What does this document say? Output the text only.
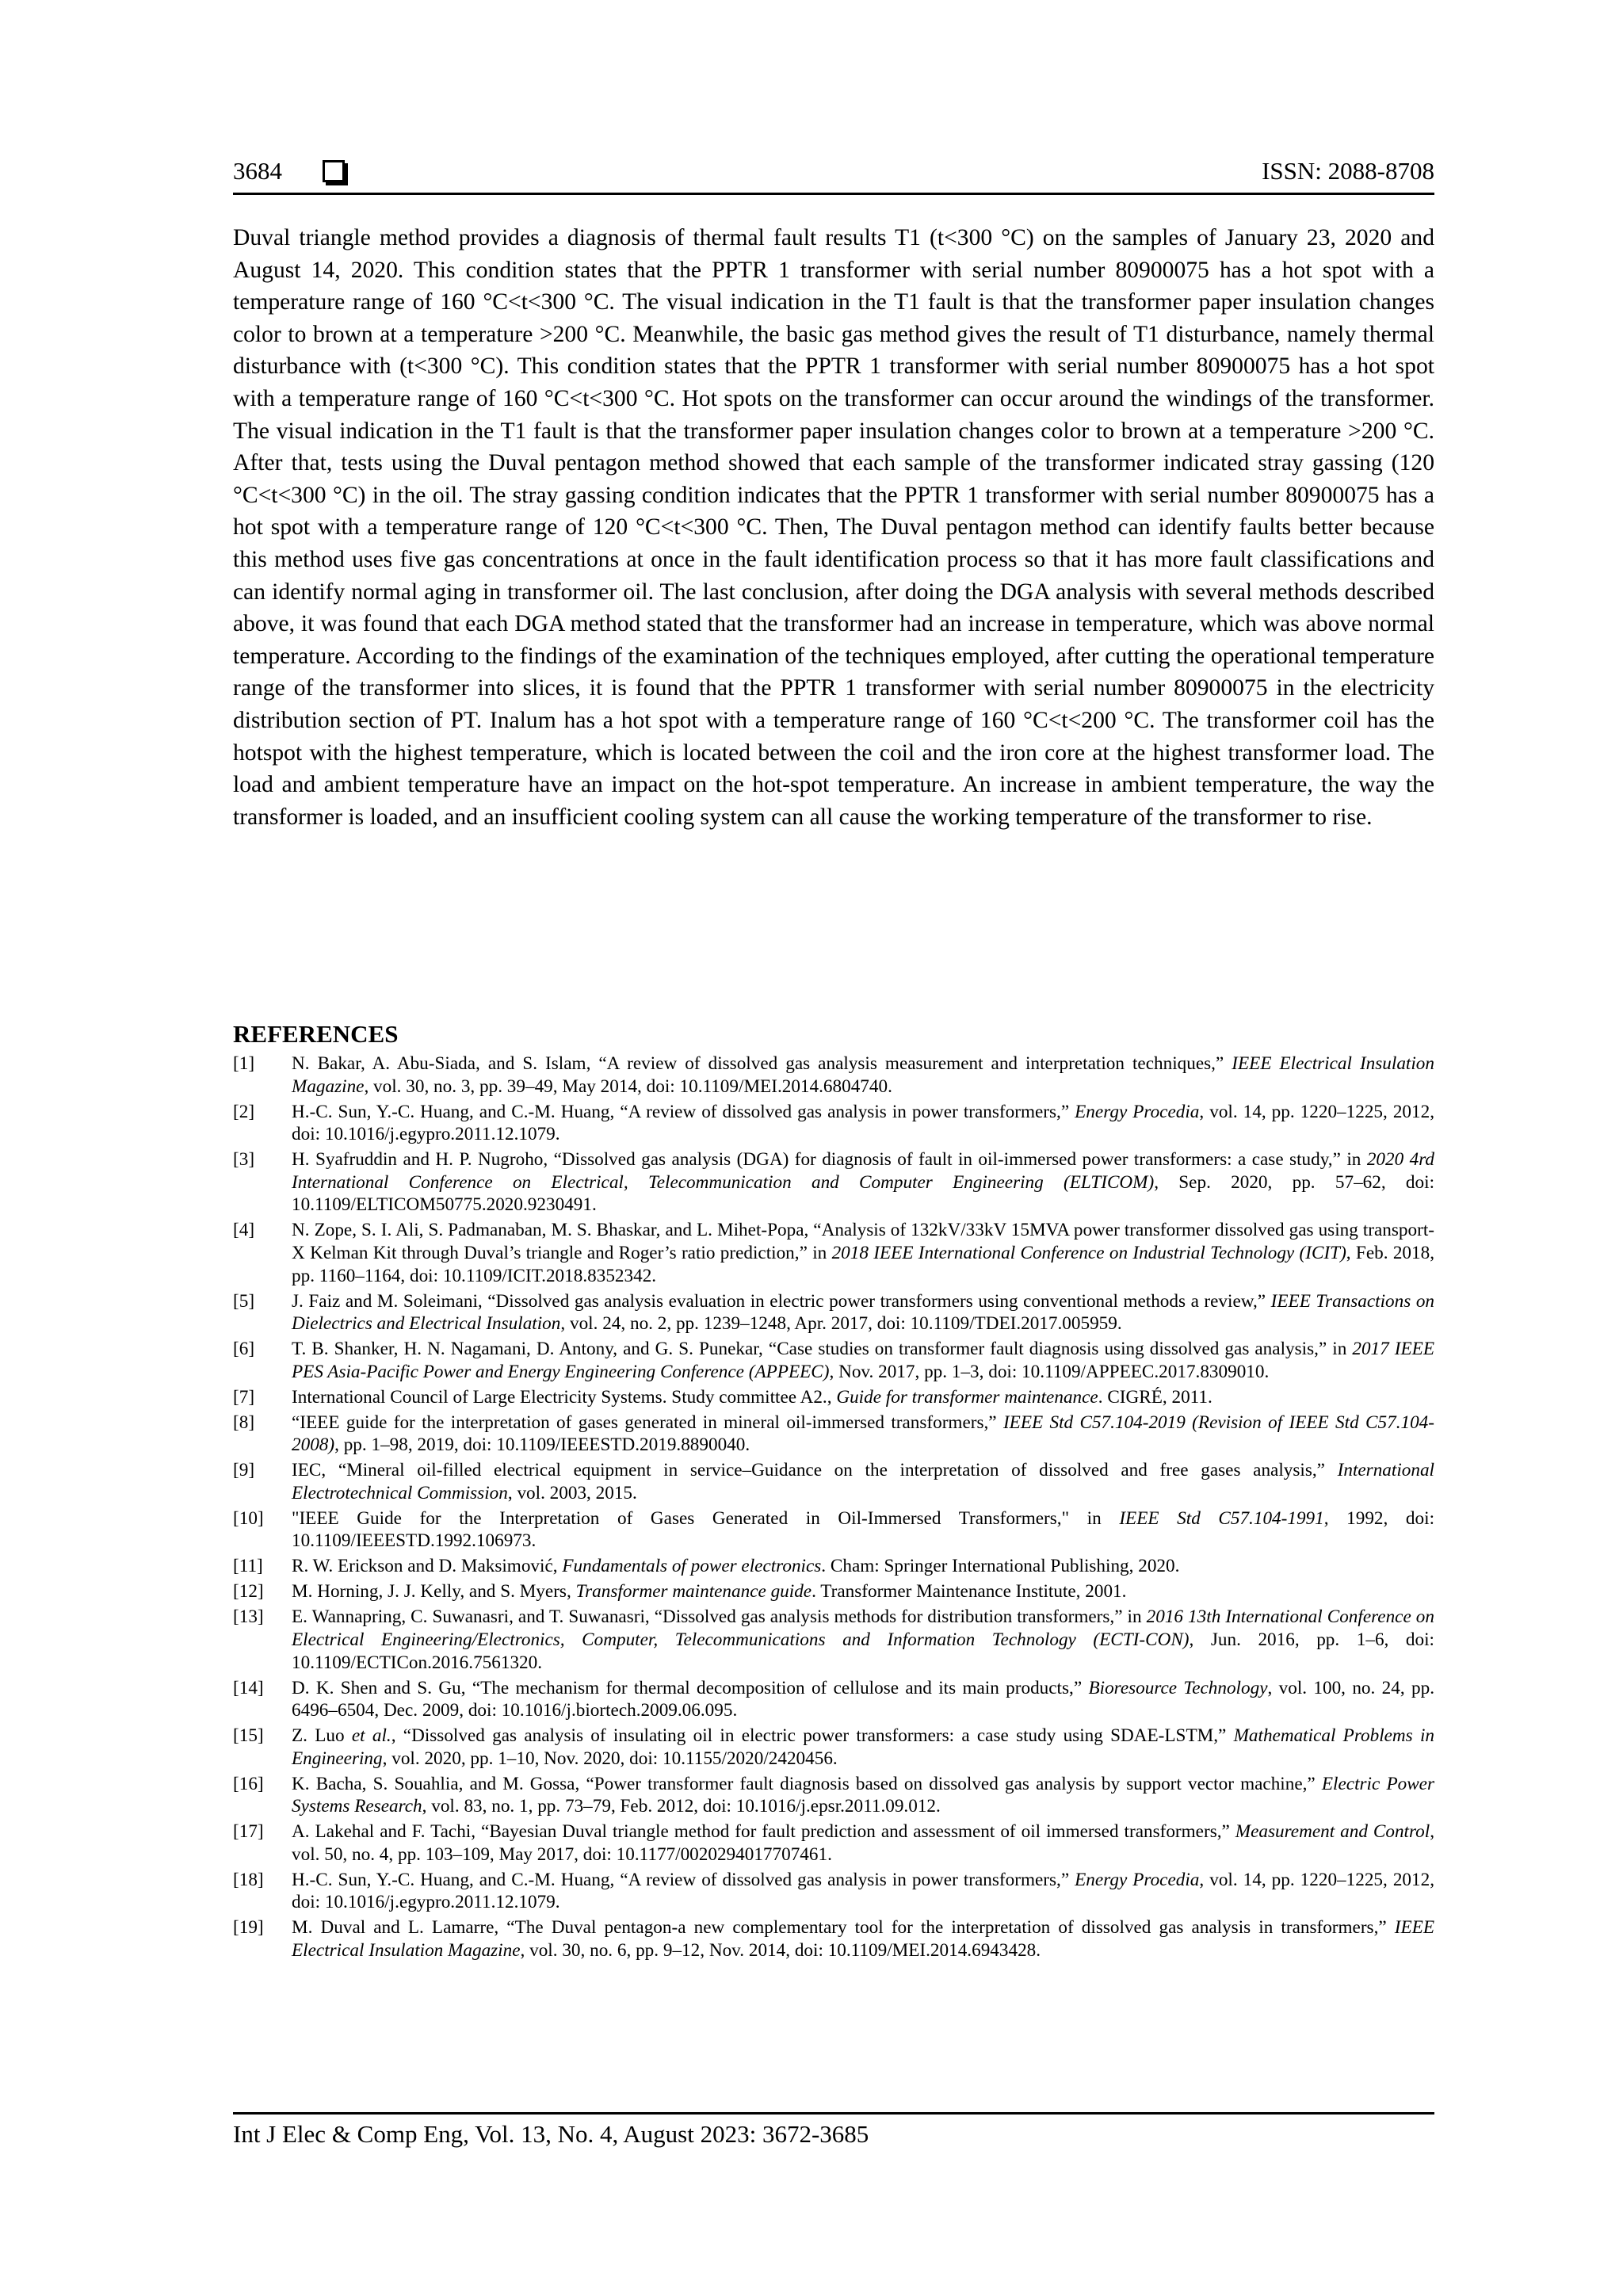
3684	ISSN: 2088-8708

Duval triangle method provides a diagnosis of thermal fault results T1 (t<300 °C) on the samples of January 23, 2020 and August 14, 2020. This condition states that the PPTR 1 transformer with serial number 80900075 has a hot spot with a temperature range of 160 °C<t<300 °C. The visual indication in the T1 fault is that the transformer paper insulation changes color to brown at a temperature >200 °C. Meanwhile, the basic gas method gives the result of T1 disturbance, namely thermal disturbance with (t<300 °C). This condition states that the PPTR 1 transformer with serial number 80900075 has a hot spot with a temperature range of 160 °C<t<300 °C. Hot spots on the transformer can occur around the windings of the transformer. The visual indication in the T1 fault is that the transformer paper insulation changes color to brown at a temperature >200 °C. After that, tests using the Duval pentagon method showed that each sample of the transformer indicated stray gassing (120 °C<t<300 °C) in the oil. The stray gassing condition indicates that the PPTR 1 transformer with serial number 80900075 has a hot spot with a temperature range of 120 °C<t<300 °C. Then, The Duval pentagon method can identify faults better because this method uses five gas concentrations at once in the fault identification process so that it has more fault classifications and can identify normal aging in transformer oil. The last conclusion, after doing the DGA analysis with several methods described above, it was found that each DGA method stated that the transformer had an increase in temperature, which was above normal temperature. According to the findings of the examination of the techniques employed, after cutting the operational temperature range of the transformer into slices, it is found that the PPTR 1 transformer with serial number 80900075 in the electricity distribution section of PT. Inalum has a hot spot with a temperature range of 160 °C<t<200 °C. The transformer coil has the hotspot with the highest temperature, which is located between the coil and the iron core at the highest transformer load. The load and ambient temperature have an impact on the hot-spot temperature. An increase in ambient temperature, the way the transformer is loaded, and an insufficient cooling system can all cause the working temperature of the transformer to rise.

REFERENCES
[1] N. Bakar, A. Abu-Siada, and S. Islam, “A review of dissolved gas analysis measurement and interpretation techniques,” IEEE Electrical Insulation Magazine, vol. 30, no. 3, pp. 39–49, May 2014, doi: 10.1109/MEI.2014.6804740.
[2] H.-C. Sun, Y.-C. Huang, and C.-M. Huang, “A review of dissolved gas analysis in power transformers,” Energy Procedia, vol. 14, pp. 1220–1225, 2012, doi: 10.1016/j.egypro.2011.12.1079.
[3] H. Syafruddin and H. P. Nugroho, “Dissolved gas analysis (DGA) for diagnosis of fault in oil-immersed power transformers: a case study,” in 2020 4rd International Conference on Electrical, Telecommunication and Computer Engineering (ELTICOM), Sep. 2020, pp. 57–62, doi: 10.1109/ELTICOM50775.2020.9230491.
[4] N. Zope, S. I. Ali, S. Padmanaban, M. S. Bhaskar, and L. Mihet-Popa, “Analysis of 132kV/33kV 15MVA power transformer dissolved gas using transport-X Kelman Kit through Duval’s triangle and Roger’s ratio prediction,” in 2018 IEEE International Conference on Industrial Technology (ICIT), Feb. 2018, pp. 1160–1164, doi: 10.1109/ICIT.2018.8352342.
[5] J. Faiz and M. Soleimani, “Dissolved gas analysis evaluation in electric power transformers using conventional methods a review,” IEEE Transactions on Dielectrics and Electrical Insulation, vol. 24, no. 2, pp. 1239–1248, Apr. 2017, doi: 10.1109/TDEI.2017.005959.
[6] T. B. Shanker, H. N. Nagamani, D. Antony, and G. S. Punekar, “Case studies on transformer fault diagnosis using dissolved gas analysis,” in 2017 IEEE PES Asia-Pacific Power and Energy Engineering Conference (APPEEC), Nov. 2017, pp. 1–3, doi: 10.1109/APPEEC.2017.8309010.
[7] International Council of Large Electricity Systems. Study committee A2., Guide for transformer maintenance. CIGRÉ, 2011.
[8] “IEEE guide for the interpretation of gases generated in mineral oil-immersed transformers,” IEEE Std C57.104-2019 (Revision of IEEE Std C57.104-2008), pp. 1–98, 2019, doi: 10.1109/IEEESTD.2019.8890040.
[9] IEC, “Mineral oil-filled electrical equipment in service–Guidance on the interpretation of dissolved and free gases analysis,” International Electrotechnical Commission, vol. 2003, 2015.
[10] "IEEE Guide for the Interpretation of Gases Generated in Oil-Immersed Transformers," in IEEE Std C57.104-1991, 1992, doi: 10.1109/IEEESTD.1992.106973.
[11] R. W. Erickson and D. Maksimović, Fundamentals of power electronics. Cham: Springer International Publishing, 2020.
[12] M. Horning, J. J. Kelly, and S. Myers, Transformer maintenance guide. Transformer Maintenance Institute, 2001.
[13] E. Wannapring, C. Suwanasri, and T. Suwanasri, “Dissolved gas analysis methods for distribution transformers,” in 2016 13th International Conference on Electrical Engineering/Electronics, Computer, Telecommunications and Information Technology (ECTI-CON), Jun. 2016, pp. 1–6, doi: 10.1109/ECTICon.2016.7561320.
[14] D. K. Shen and S. Gu, “The mechanism for thermal decomposition of cellulose and its main products,” Bioresource Technology, vol. 100, no. 24, pp. 6496–6504, Dec. 2009, doi: 10.1016/j.biortech.2009.06.095.
[15] Z. Luo et al., “Dissolved gas analysis of insulating oil in electric power transformers: a case study using SDAE-LSTM,” Mathematical Problems in Engineering, vol. 2020, pp. 1–10, Nov. 2020, doi: 10.1155/2020/2420456.
[16] K. Bacha, S. Souahlia, and M. Gossa, “Power transformer fault diagnosis based on dissolved gas analysis by support vector machine,” Electric Power Systems Research, vol. 83, no. 1, pp. 73–79, Feb. 2012, doi: 10.1016/j.epsr.2011.09.012.
[17] A. Lakehal and F. Tachi, “Bayesian Duval triangle method for fault prediction and assessment of oil immersed transformers,” Measurement and Control, vol. 50, no. 4, pp. 103–109, May 2017, doi: 10.1177/0020294017707461.
[18] H.-C. Sun, Y.-C. Huang, and C.-M. Huang, “A review of dissolved gas analysis in power transformers,” Energy Procedia, vol. 14, pp. 1220–1225, 2012, doi: 10.1016/j.egypro.2011.12.1079.
[19] M. Duval and L. Lamarre, “The Duval pentagon-a new complementary tool for the interpretation of dissolved gas analysis in transformers,” IEEE Electrical Insulation Magazine, vol. 30, no. 6, pp. 9–12, Nov. 2014, doi: 10.1109/MEI.2014.6943428.
Int J Elec & Comp Eng, Vol. 13, No. 4, August 2023: 3672-3685
